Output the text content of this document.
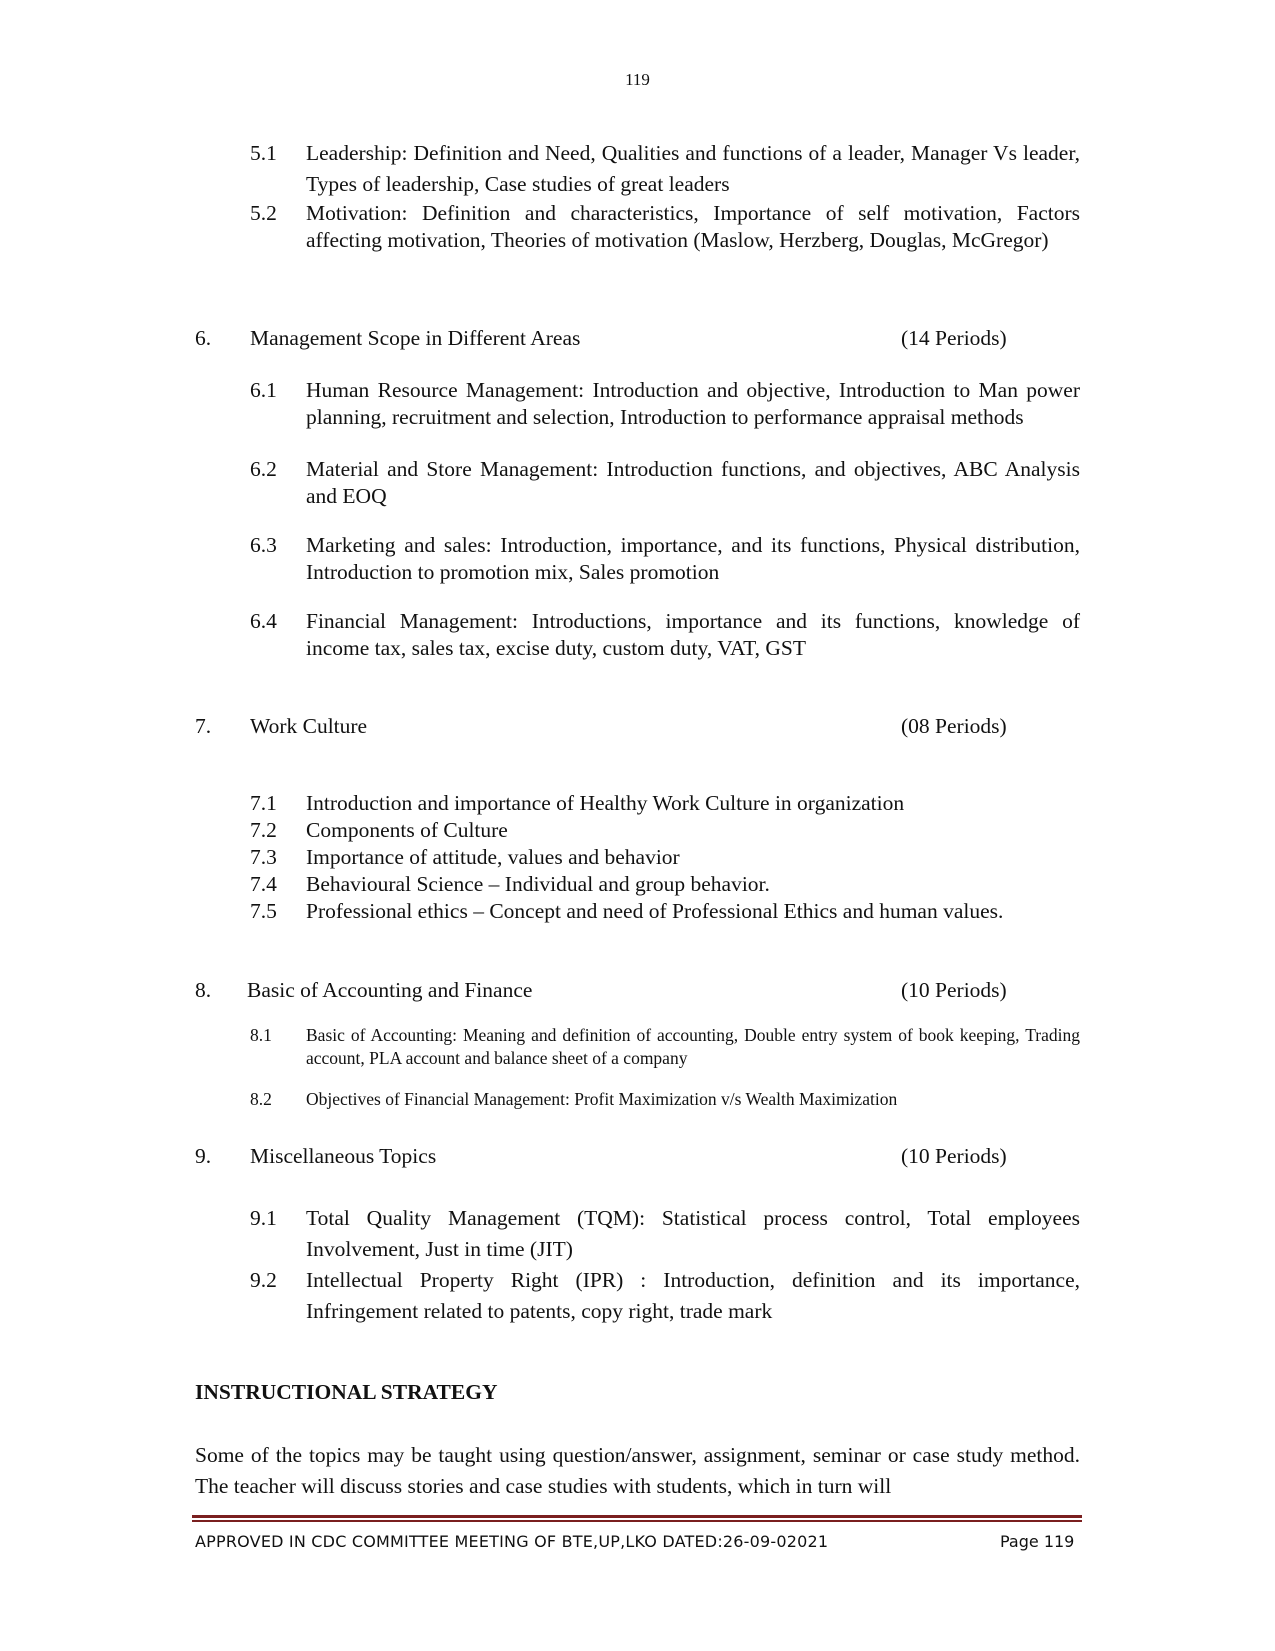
119
5.1 Leadership: Definition and Need, Qualities and functions of a leader, Manager Vs leader, Types of leadership, Case studies of great leaders
5.2 Motivation: Definition and characteristics, Importance of self motivation, Factors affecting motivation, Theories of motivation (Maslow, Herzberg, Douglas, McGregor)
6. Management Scope in Different Areas	(14 Periods)
6.1 Human Resource Management: Introduction and objective, Introduction to Man power planning, recruitment and selection, Introduction to performance appraisal methods
6.2 Material and Store Management: Introduction functions, and objectives, ABC Analysis and EOQ
6.3 Marketing and sales: Introduction, importance, and its functions, Physical distribution, Introduction to promotion mix, Sales promotion
6.4 Financial Management: Introductions, importance and its functions, knowledge of income tax, sales tax, excise duty, custom duty, VAT, GST
7. Work Culture	(08 Periods)
7.1 Introduction and importance of Healthy Work Culture in organization
7.2 Components of Culture
7.3 Importance of attitude, values and behavior
7.4 Behavioural Science – Individual and group behavior.
7.5 Professional ethics – Concept and need of Professional Ethics and human values.
8. Basic of Accounting and Finance	(10 Periods)
8.1 Basic of Accounting: Meaning and definition of accounting, Double entry system of book keeping, Trading account, PLA account and balance sheet of a company
8.2 Objectives of Financial Management: Profit Maximization v/s Wealth Maximization
9. Miscellaneous Topics	(10 Periods)
9.1 Total Quality Management (TQM): Statistical process control, Total employees Involvement, Just in time (JIT)
9.2 Intellectual Property Right (IPR) : Introduction, definition and its importance, Infringement related to patents, copy right, trade mark
INSTRUCTIONAL STRATEGY
Some of the topics may be taught using question/answer, assignment, seminar or case study method. The teacher will discuss stories and case studies with students, which in turn will
APPROVED IN CDC COMMITTEE MEETING OF BTE,UP,LKO DATED:26-09-02021	Page 119
